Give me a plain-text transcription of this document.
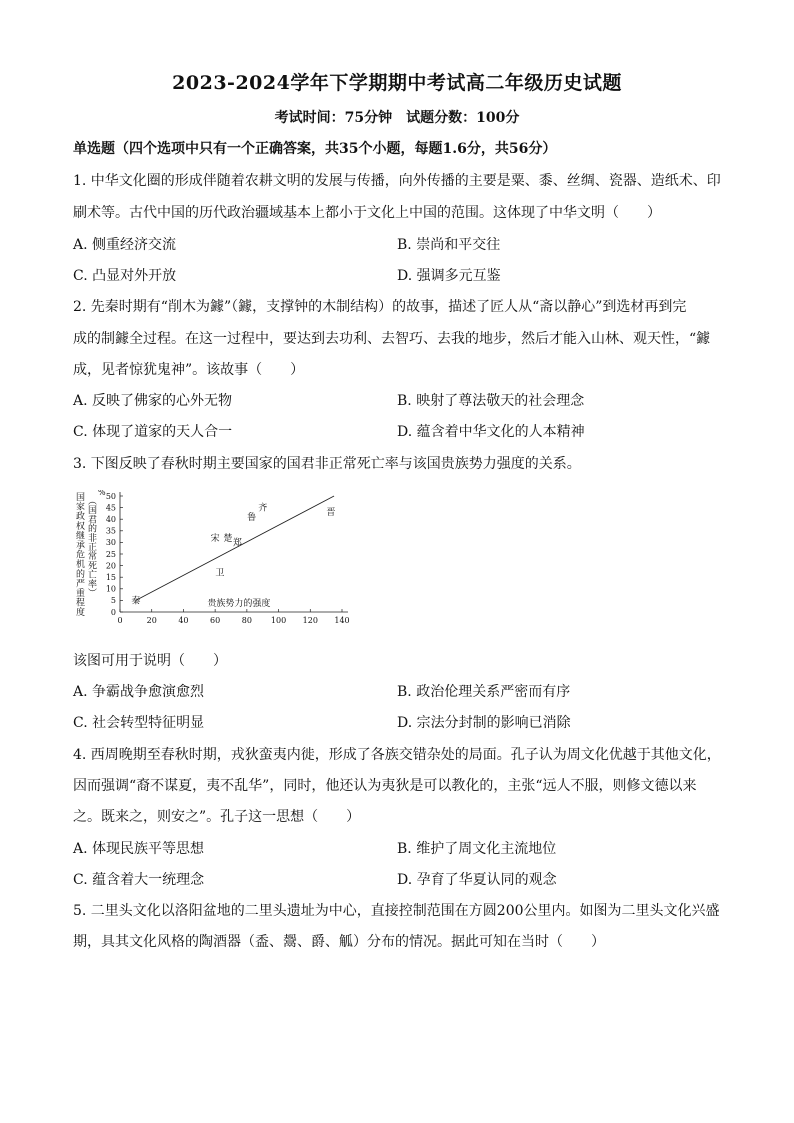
2023-2024学年下学期期中考试高二年级历史试题
考试时间：75分钟　试题分数：100分
单选题（四个选项中只有一个正确答案，共35个小题，每题1.6分，共56分）
1. 中华文化圈的形成伴随着农耕文明的发展与传播，向外传播的主要是粟、黍、丝绸、瓷器、造纸术、印
刷术等。古代中国的历代政治疆域基本上都小于文化上中国的范围。这体现了中华文明（　　）
A. 侧重经济交流	B. 崇尚和平交往
C. 凸显对外开放	D. 强调多元互鉴
2. 先秦时期有“削木为鐻”（鐻，支撑钟的木制结构）的故事，描述了匠人从“斋以静心”到选材再到完
成的制鐻全过程。在这一过程中，要达到去功利、去智巧、去我的地步，然后才能入山林、观天性，“鐻
成，见者惊犹鬼神”。该故事（　　）
A. 反映了佛家的心外无物	B. 映射了尊法敬天的社会理念
C. 体现了道家的天人合一	D. 蕴含着中华文化的人本精神
3. 下图反映了春秋时期主要国家的国君非正常死亡率与该国贵族势力强度的关系。
国家政权继承危机的严重程度
︵国君的非正常死亡率︶
0
5
10
15
20
25
30
35
40
45
50
0	20	40	60	80 100 120 140
秦
卫
宋 楚 郑
鲁
齐	晋
贵族势力的强度
%
该图可用于说明（　　）
A. 争霸战争愈演愈烈	B. 政治伦理关系严密而有序
C. 社会转型特征明显	D. 宗法分封制的影响已消除
4. 西周晚期至春秋时期，戎狄蛮夷内徙，形成了各族交错杂处的局面。孔子认为周文化优越于其他文化，
因而强调“裔不谋夏，夷不乱华”，同时，他还认为夷狄是可以教化的，主张“远人不服，则修文德以来
之。既来之，则安之”。孔子这一思想（　　）
A. 体现民族平等思想	B. 维护了周文化主流地位
C. 蕴含着大一统理念	D. 孕育了华夏认同的观念
5. 二里头文化以洛阳盆地的二里头遗址为中心，直接控制范围在方圆200公里内。如图为二里头文化兴盛
期，具其文化风格的陶酒器（盉、鬶、爵、觚）分布的情况。据此可知在当时（　　）
